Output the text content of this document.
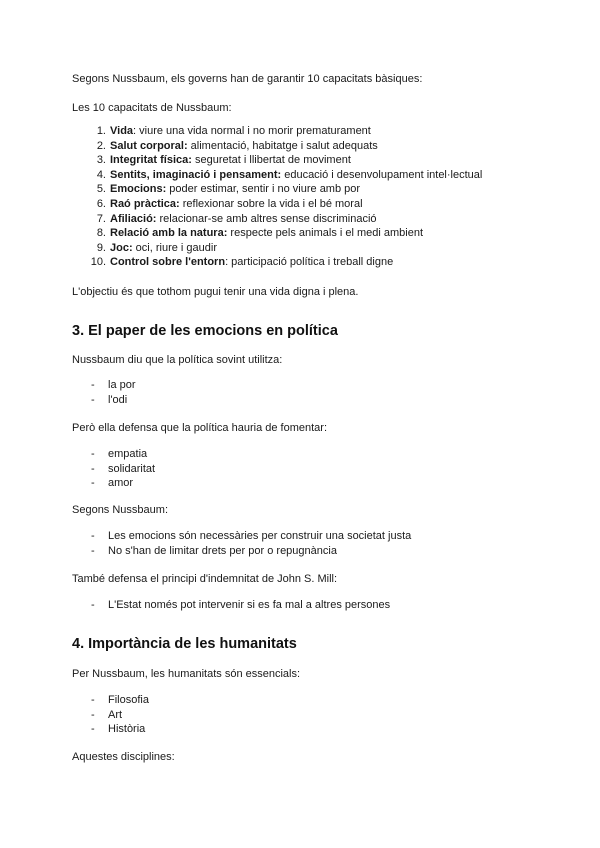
Segons Nussbaum, els governs han de garantir 10 capacitats bàsiques:

Les 10 capacitats de Nussbaum:

1. Vida: viure una vida normal i no morir prematurament
2. Salut corporal: alimentació, habitatge i salut adequats
3. Integritat física: seguretat i llibertat de moviment
4. Sentits, imaginació i pensament: educació i desenvolupament intel·lectual
5. Emocions: poder estimar, sentir i no viure amb por
6. Raó pràctica: reflexionar sobre la vida i el bé moral
7. Afiliació: relacionar-se amb altres sense discriminació
8. Relació amb la natura: respecte pels animals i el medi ambient
9. Joc: oci, riure i gaudir
10. Control sobre l'entorn: participació política i treball digne

L'objectiu és que tothom pugui tenir una vida digna i plena.

3. El paper de les emocions en política

Nussbaum diu que la política sovint utilitza:

- la por
- l'odi

Però ella defensa que la política hauria de fomentar:

- empatia
- solidaritat
- amor

Segons Nussbaum:

- Les emocions són necessàries per construir una societat justa
- No s'han de limitar drets per por o repugnància

També defensa el principi d'indemnitat de John S. Mill:

- L'Estat només pot intervenir si es fa mal a altres persones
4. Importància de les humanitats

Per Nussbaum, les humanitats són essencials:

- Filosofia
- Art
- Història

Aquestes disciplines:
